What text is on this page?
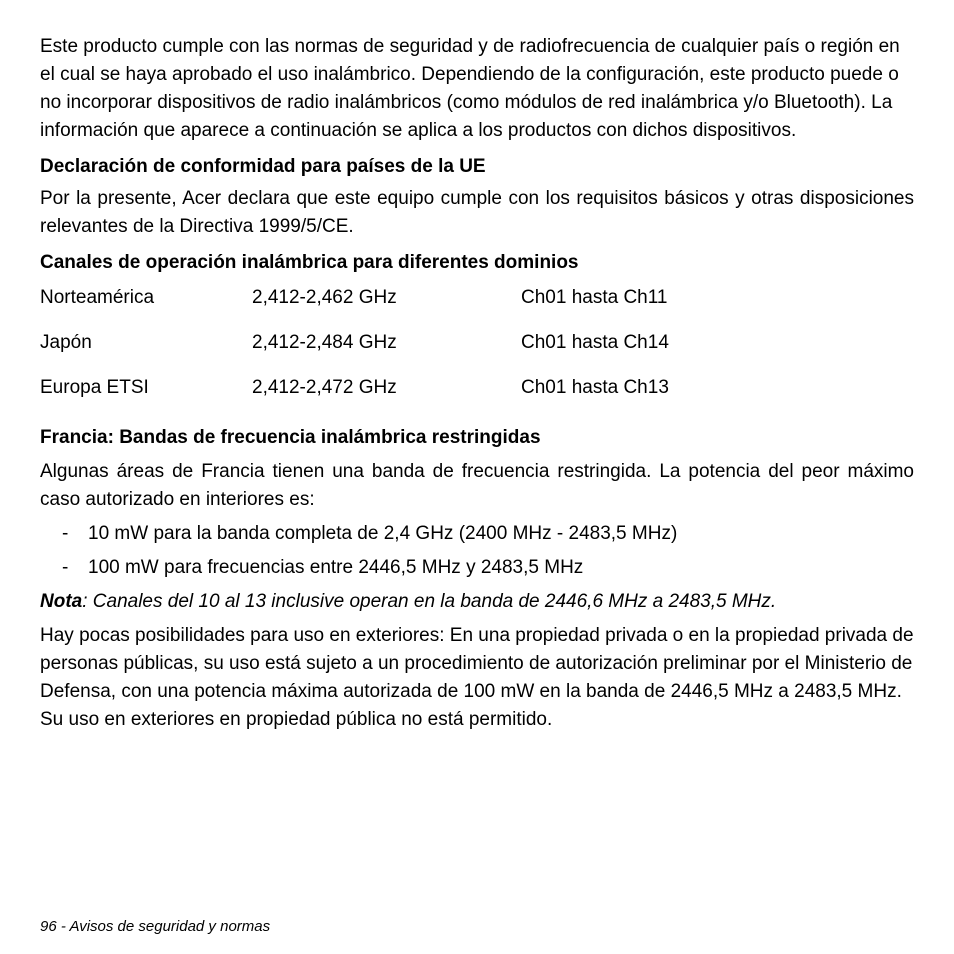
Este producto cumple con las normas de seguridad y de radiofrecuencia de cualquier país o región en el cual se haya aprobado el uso inalámbrico. Dependiendo de la configuración, este producto puede o no incorporar dispositivos de radio inalámbricos (como módulos de red inalámbrica y/o Bluetooth). La información que aparece a continuación se aplica a los productos con dichos dispositivos.

Declaración de conformidad para países de la UE

Por la presente, Acer declara que este equipo cumple con los requisitos básicos y otras disposiciones relevantes de la Directiva 1999/5/CE.

Canales de operación inalámbrica para diferentes dominios
Norteamérica	2,412-2,462 GHz	Ch01 hasta Ch11
Japón	2,412-2,484 GHz	Ch01 hasta Ch14
Europa ETSI	2,412-2,472 GHz	Ch01 hasta Ch13
Francia: Bandas de frecuencia inalámbrica restringidas

Algunas áreas de Francia tienen una banda de frecuencia restringida. La potencia del peor máximo caso autorizado en interiores es:

- 10 mW para la banda completa de 2,4 GHz (2400 MHz - 2483,5 MHz)
- 100 mW para frecuencias entre 2446,5 MHz y 2483,5 MHz
Nota: Canales del 10 al 13 inclusive operan en la banda de 2446,6 MHz a 2483,5 MHz.

Hay pocas posibilidades para uso en exteriores: En una propiedad privada o en la propiedad privada de personas públicas, su uso está sujeto a un procedimiento de autorización preliminar por el Ministerio de Defensa, con una potencia máxima autorizada de 100 mW en la banda de 2446,5 MHz a 2483,5 MHz. Su uso en exteriores en propiedad pública no está permitido.

96 - Avisos de seguridad y normas
